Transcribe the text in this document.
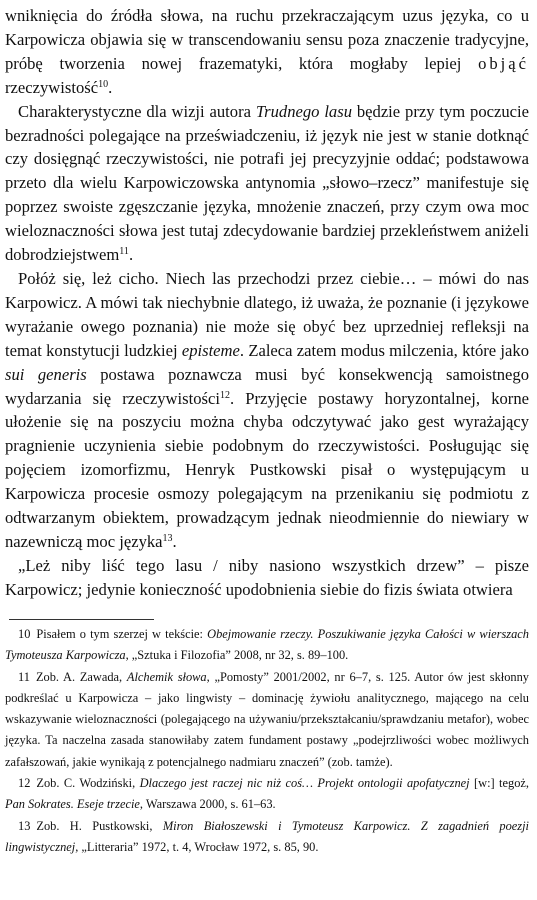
wniknięcia do źródła słowa, na ruchu przekraczającym uzus języka, co u Karpowicza objawia się w transcendowaniu sensu poza znaczenie tradycyjne, próbę tworzenia nowej frazematyki, która mogłaby lepiej objąć rzeczywistość$^{10}$.

Charakterystyczne dla wizji autora Trudnego lasu będzie przy tym poczucie bezradności polegające na przeświadczeniu, iż język nie jest w stanie dotknąć czy dosięgnąć rzeczywistości, nie potrafi jej precyzyjnie oddać; podstawowa przeto dla wielu Karpowiczowska antynomia „słowo–rzecz” manifestuje się poprzez swoiste zgęszczanie języka, mnożenie znaczeń, przy czym owa moc wieloznaczności słowa jest tutaj zdecydowanie bardziej przekleństwem aniżeli dobrodziejstwem$^{11}$.

Połóż się, leż cicho. Niech las przechodzi przez ciebie… – mówi do nas Karpowicz. A mówi tak niechybnie dlatego, iż uważa, że poznanie (i językowe wyrażanie owego poznania) nie może się obyć bez uprzedniej refleksji na temat konstytucji ludzkiej episteme. Zaleca zatem modus milczenia, które jako sui generis postawa poznawcza musi być konsekwencją samoistnego wydarzania się rzeczywistości$^{12}$. Przyjęcie postawy horyzontalnej, korne ułożenie się na poszyciu można chyba odczytywać jako gest wyrażający pragnienie uczynienia siebie podobnym do rzeczywistości. Posługując się pojęciem izomorfizmu, Henryk Pustkowski pisał o występującym u Karpowicza procesie osmozy polegającym na przenikaniu się podmiotu z odtwarzanym obiektem, prowadzącym jednak nieodmiennie do niewiary w nazewniczą moc języka$^{13}$.

„Leż niby liść tego lasu / niby nasiono wszystkich drzew” – pisze Karpowicz; jedynie konieczność upodobnienia siebie do fizis świata otwiera

10 Pisałem o tym szerzej w tekście: Obejmowanie rzeczy. Poszukiwanie języka Całości w wierszach Tymoteusza Karpowicza, „Sztuka i Filozofia” 2008, nr 32, s. 89–100.

11 Zob. A. Zawada, Alchemik słowa, „Pomosty” 2001/2002, nr 6–7, s. 125. Autor ów jest skłonny podkreślać u Karpowicza – jako lingwisty – dominację żywiołu analitycznego, mającego na celu wskazywanie wieloznaczności (polegającego na używaniu/przekształcaniu/sprawdzaniu metafor), wobec języka. Ta naczelna zasada stanowiłaby zatem fundament postawy „podejrzliwości wobec możliwych zafałszowań, jakie wynikają z potencjalnego nadmiaru znaczeń” (zob. tamże).

12 Zob. C. Wodziński, Dlaczego jest raczej nic niż coś… Projekt ontologii apofatycznej [w:] tegoż, Pan Sokrates. Eseje trzecie, Warszawa 2000, s. 61–63.

13 Zob. H. Pustkowski, Miron Białoszewski i Tymoteusz Karpowicz. Z zagadnień poezji lingwistycznej, „Litteraria” 1972, t. 4, Wrocław 1972, s. 85, 90.
